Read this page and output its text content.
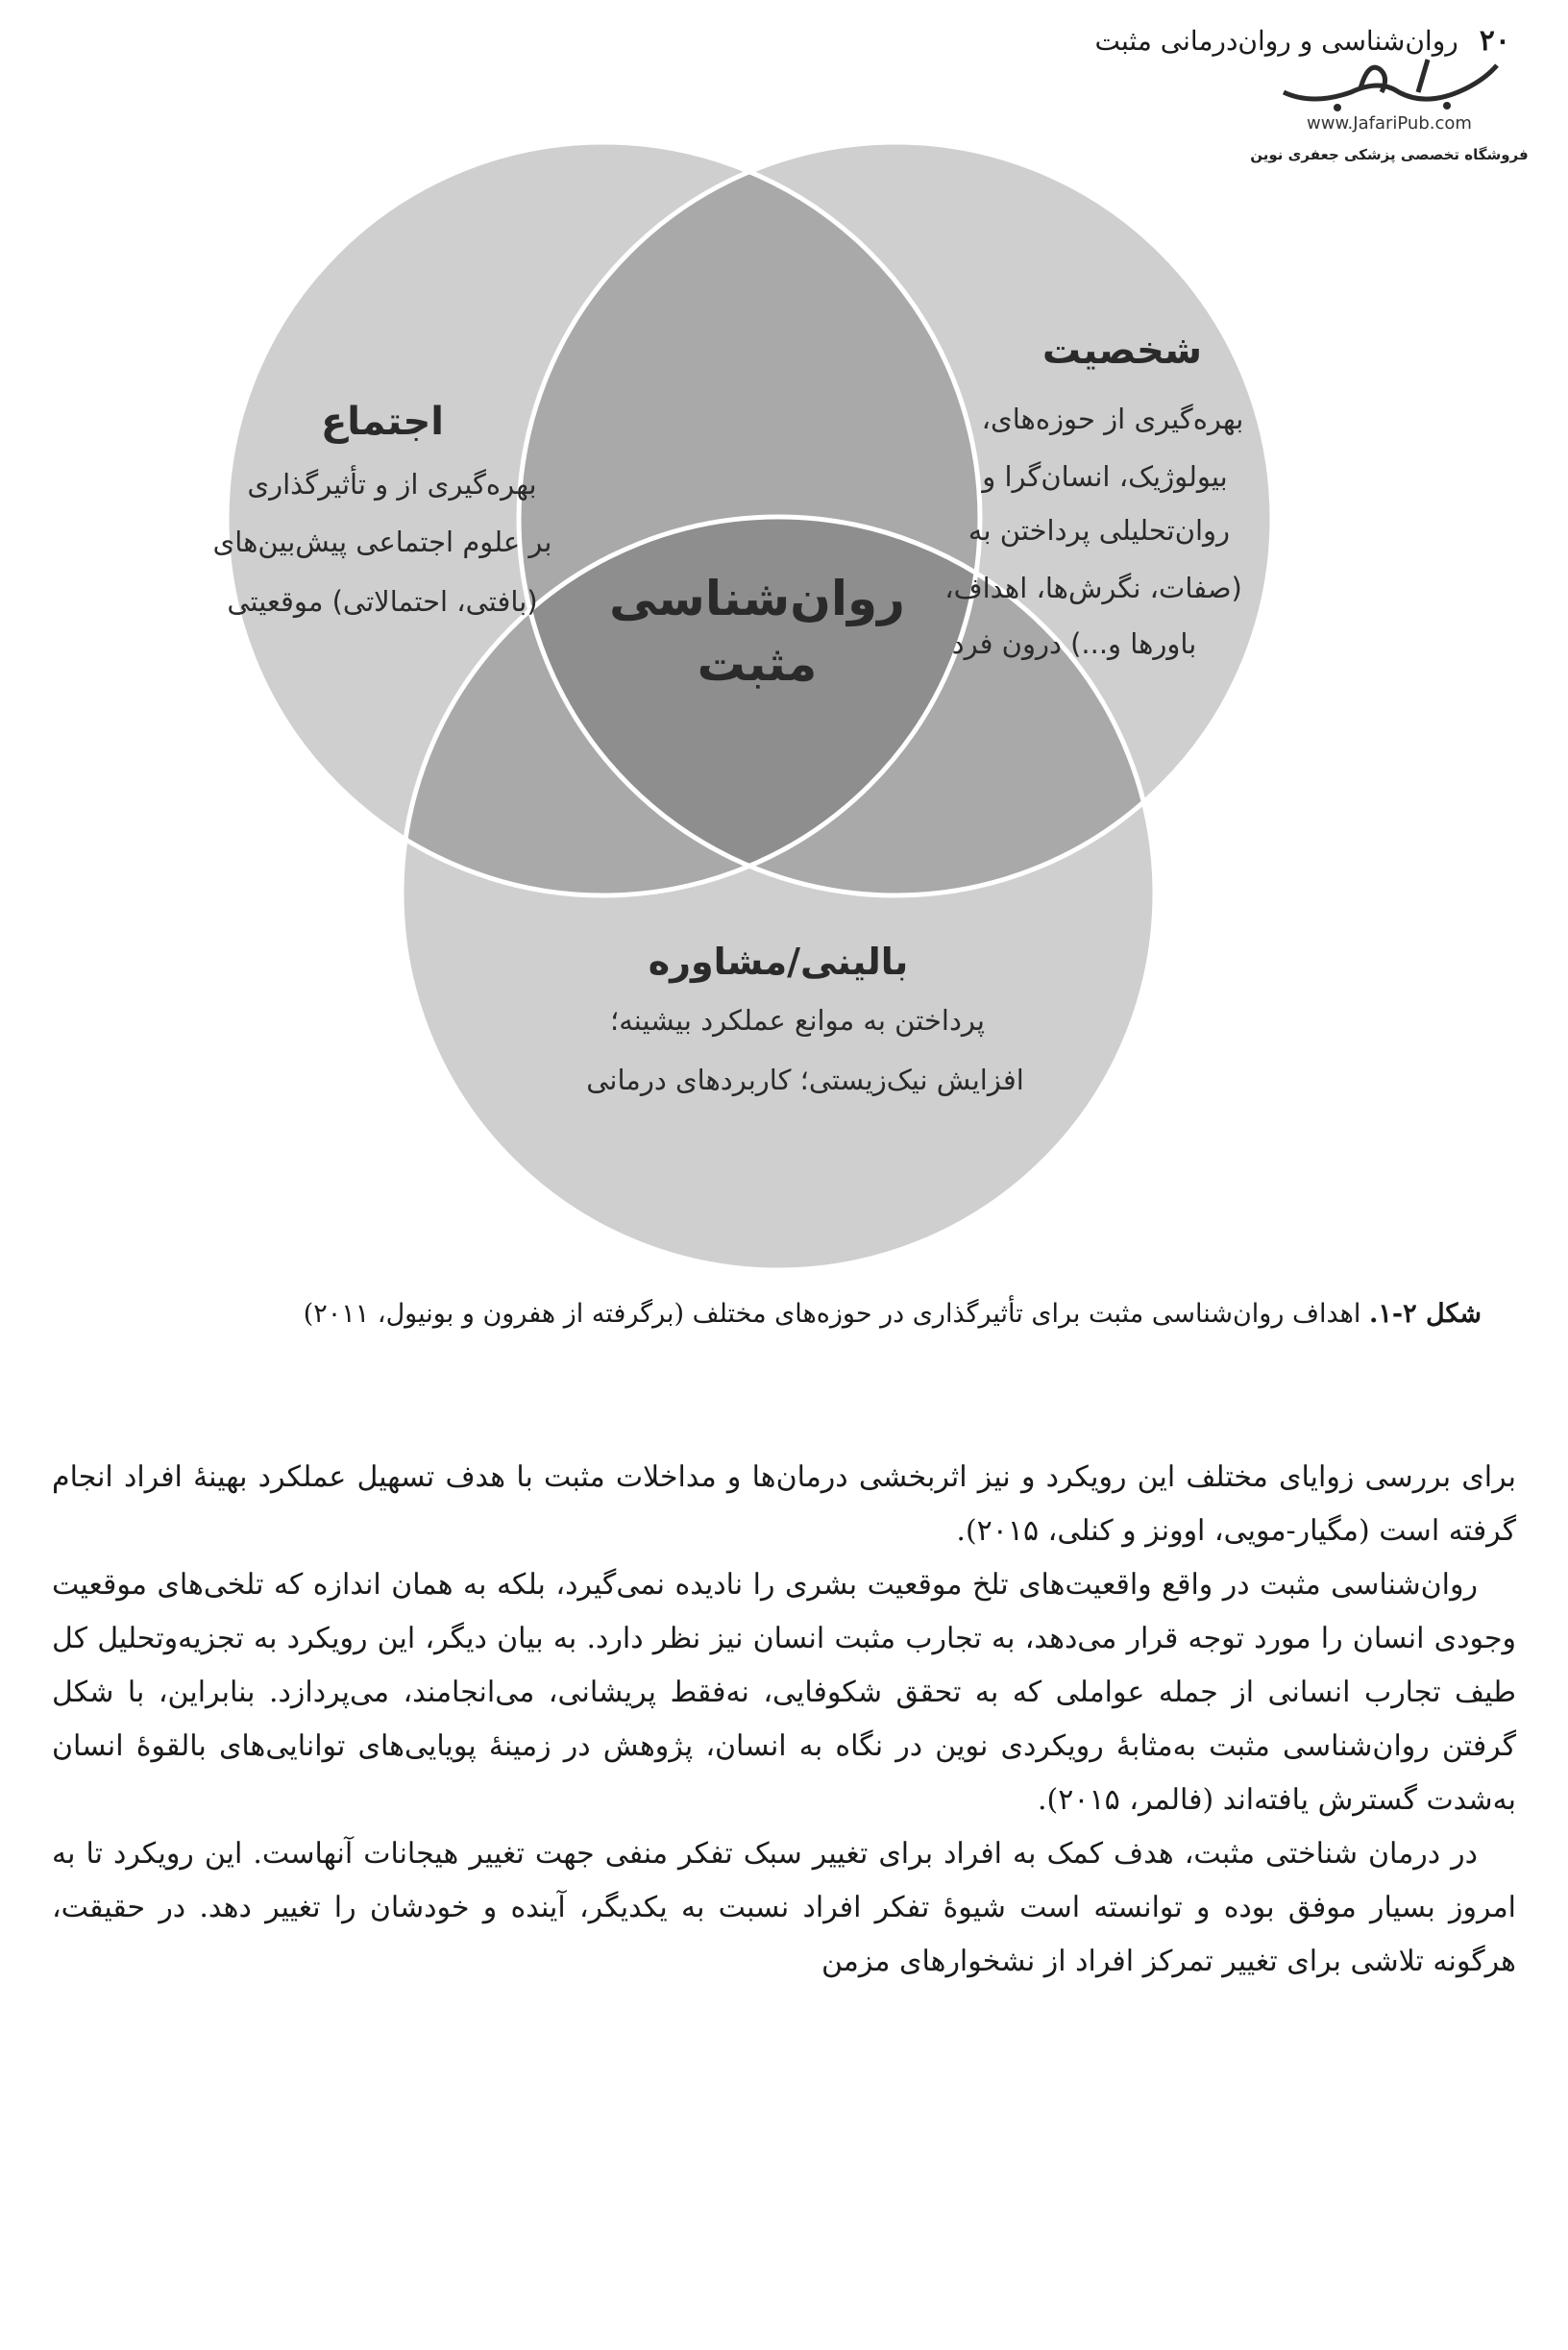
۲۰
روان‌شناسی و روان‌درمانی مثبت
www.JafariPub.com
فروشگاه تخصصی پزشکی جعفری نوین
اجتماع
بهره‌گیری از و تأثیرگذاری
بر علوم اجتماعی پیش‌بین‌های
(بافتی، احتمالاتی) موقعیتی
شخصیت
بهره‌گیری از حوزه‌های،
بیولوژیک، انسان‌گرا و
روان‌تحلیلی پرداختن به
(صفات، نگرش‌ها، اهداف،
باورها و...) درون فرد
روان‌شناسی
مثبت
بالینی/مشاوره
پرداختن به موانع عملکرد بیشینه؛
افزایش نیک‌زیستی؛ کاربردهای درمانی
شکل ۲-۱. اهداف روان‌شناسی مثبت برای تأثیرگذاری در حوزه‌های مختلف (برگرفته از هفرون و بونیول، ۲۰۱۱)

برای بررسی زوایای مختلف این رویکرد و نیز اثربخشی درمان‌ها و مداخلات مثبت با هدف تسهیل عملکرد بهینهٔ افراد انجام گرفته است (مگیار-مویی، اوونز و کنلی، ۲۰۱۵).

روان‌شناسی مثبت در واقع واقعیت‌های تلخ موقعیت بشری را نادیده نمی‌گیرد، بلکه به همان اندازه که تلخی‌های موقعیت وجودی انسان را مورد توجه قرار می‌دهد، به تجارب مثبت انسان نیز نظر دارد. به بیان دیگر، این رویکرد به تجزیه‌وتحلیل کل طیف تجارب انسانی از جمله عواملی که به تحقق شکوفایی، نه‌فقط پریشانی، می‌انجامند، می‌پردازد. بنابراین، با شکل گرفتن روان‌شناسی مثبت به‌مثابهٔ رویکردی نوین در نگاه به انسان، پژوهش در زمینهٔ پویایی‌های توانایی‌های بالقوهٔ انسان به‌شدت گسترش یافته‌اند (فالمر، ۲۰۱۵).

در درمان شناختی مثبت، هدف کمک به افراد برای تغییر سبک تفکر منفی جهت تغییر هیجانات آنهاست. این رویکرد تا به امروز بسیار موفق بوده و توانسته است شیوهٔ تفکر افراد نسبت به یکدیگر، آینده و خودشان را تغییر دهد. در حقیقت، هرگونه تلاشی برای تغییر تمرکز افراد از نشخوارهای مزمن
